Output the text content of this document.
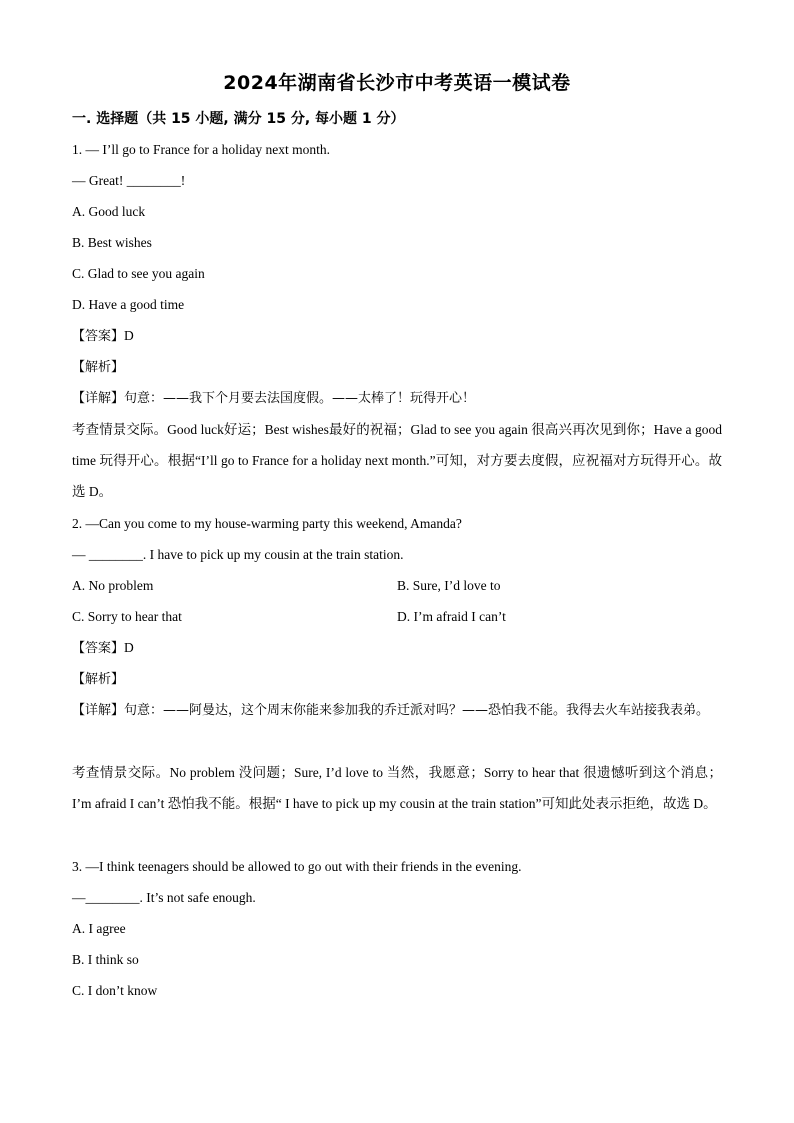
2024年湖南省长沙市中考英语一模试卷
一. 选择题（共 15 小题, 满分 15 分, 每小题 1 分）
1. — I’ll go to France for a holiday next month.
— Great! ________!
A. Good luck
B. Best wishes
C. Glad to see you again
D. Have a good time
【答案】D
【解析】
【详解】句意：——我下个月要去法国度假。——太棒了！玩得开心！
考查情景交际。Good luck好运；Best wishes最好的祝福；Glad to see you again 很高兴再次见到你；Have a good time 玩得开心。根据“I’ll go to France for a holiday next month.”可知，对方要去度假，应祝福对方玩得开心。故选 D。
2. —Can you come to my house-warming party this weekend, Amanda?
— ________. I have to pick up my cousin at the train station.
A. No problem	B. Sure, I’d love to
C. Sorry to hear that	D. I’m afraid I can’t
【答案】D
【解析】
【详解】句意：——阿曼达，这个周末你能来参加我的乔迁派对吗？——恐怕我不能。我得去火车站接我表弟。
考查情景交际。No problem 没问题；Sure, I’d love to 当然，我愿意；Sorry to hear that 很遗憾听到这个消息；I’m afraid I can’t 恐怕我不能。根据“ I have to pick up my cousin at the train station”可知此处表示拒绝，故选 D。
3. —I think teenagers should be allowed to go out with their friends in the evening.
—________. It’s not safe enough.
A. I agree
B. I think so
C. I don’t know
